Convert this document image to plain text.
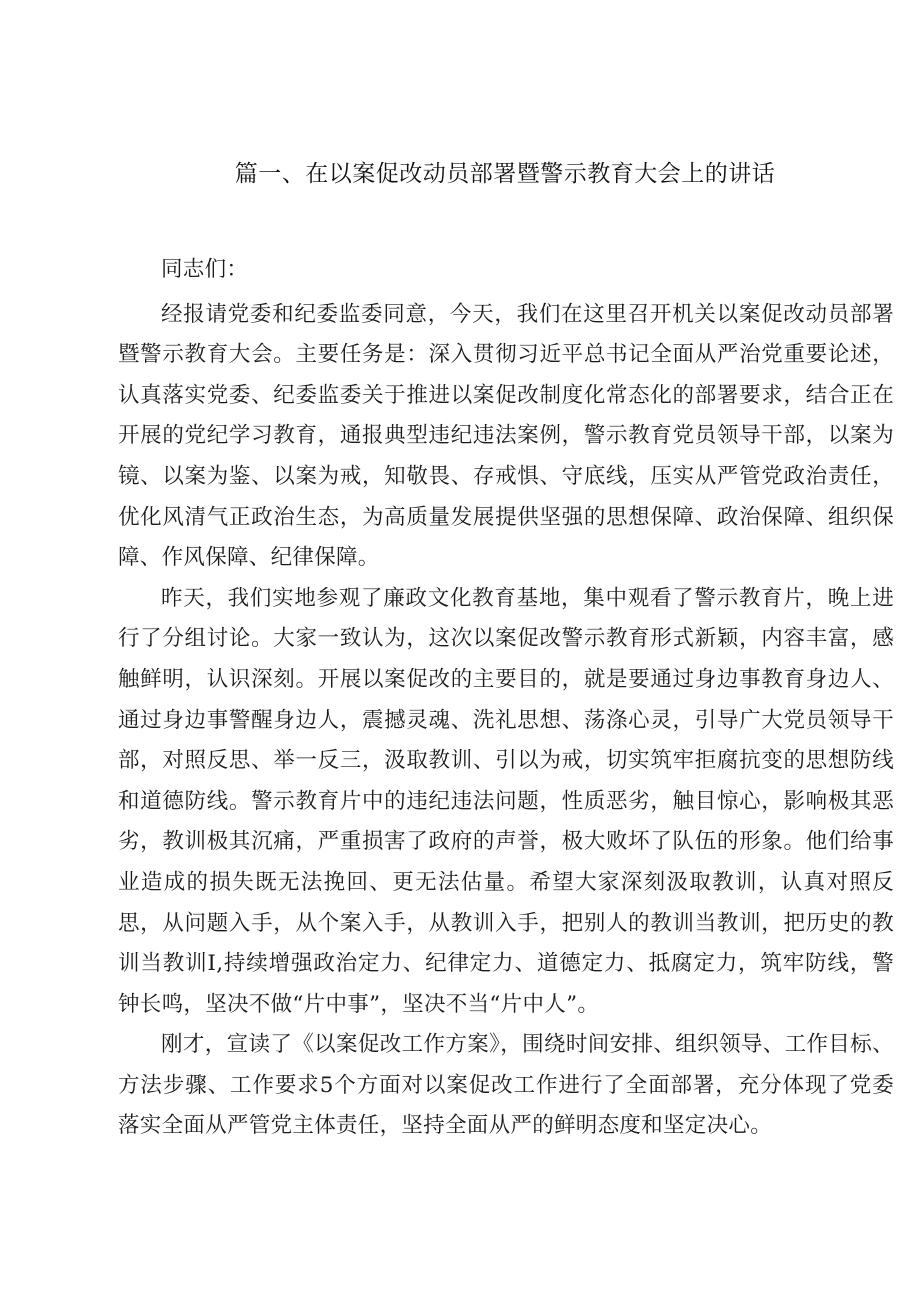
篇一、在以案促改动员部署暨警示教育大会上的讲话

同志们：

经报请党委和纪委监委同意，今天，我们在这里召开机关以案促改动员部署暨警示教育大会。主要任务是：深入贯彻习近平总书记全面从严治党重要论述，认真落实党委、纪委监委关于推进以案促改制度化常态化的部署要求，结合正在开展的党纪学习教育，通报典型违纪违法案例，警示教育党员领导干部，以案为镜、以案为鉴、以案为戒，知敬畏、存戒惧、守底线，压实从严管党政治责任，优化风清气正政治生态，为高质量发展提供坚强的思想保障、政治保障、组织保障、作风保障、纪律保障。

昨天，我们实地参观了廉政文化教育基地，集中观看了警示教育片，晚上进行了分组讨论。大家一致认为，这次以案促改警示教育形式新颖，内容丰富，感触鲜明，认识深刻。开展以案促改的主要目的，就是要通过身边事教育身边人、通过身边事警醒身边人，震撼灵魂、洗礼思想、荡涤心灵，引导广大党员领导干部，对照反思、举一反三，汲取教训、引以为戒，切实筑牢拒腐抗变的思想防线和道德防线。警示教育片中的违纪违法问题，性质恶劣，触目惊心，影响极其恶劣，教训极其沉痛，严重损害了政府的声誉，极大败坏了队伍的形象。他们给事业造成的损失既无法挽回、更无法估量。希望大家深刻汲取教训，认真对照反思，从问题入手，从个案入手，从教训入手，把别人的教训当教训，把历史的教训当教训I,持续增强政治定力、纪律定力、道德定力、抵腐定力，筑牢防线，警钟长鸣，坚决不做“片中事”，坚决不当“片中人”。

刚才，宣读了《以案促改工作方案》，围绕时间安排、组织领导、工作目标、方法步骤、工作要求5个方面对以案促改工作进行了全面部署，充分体现了党委落实全面从严管党主体责任，坚持全面从严的鲜明态度和坚定决心。
